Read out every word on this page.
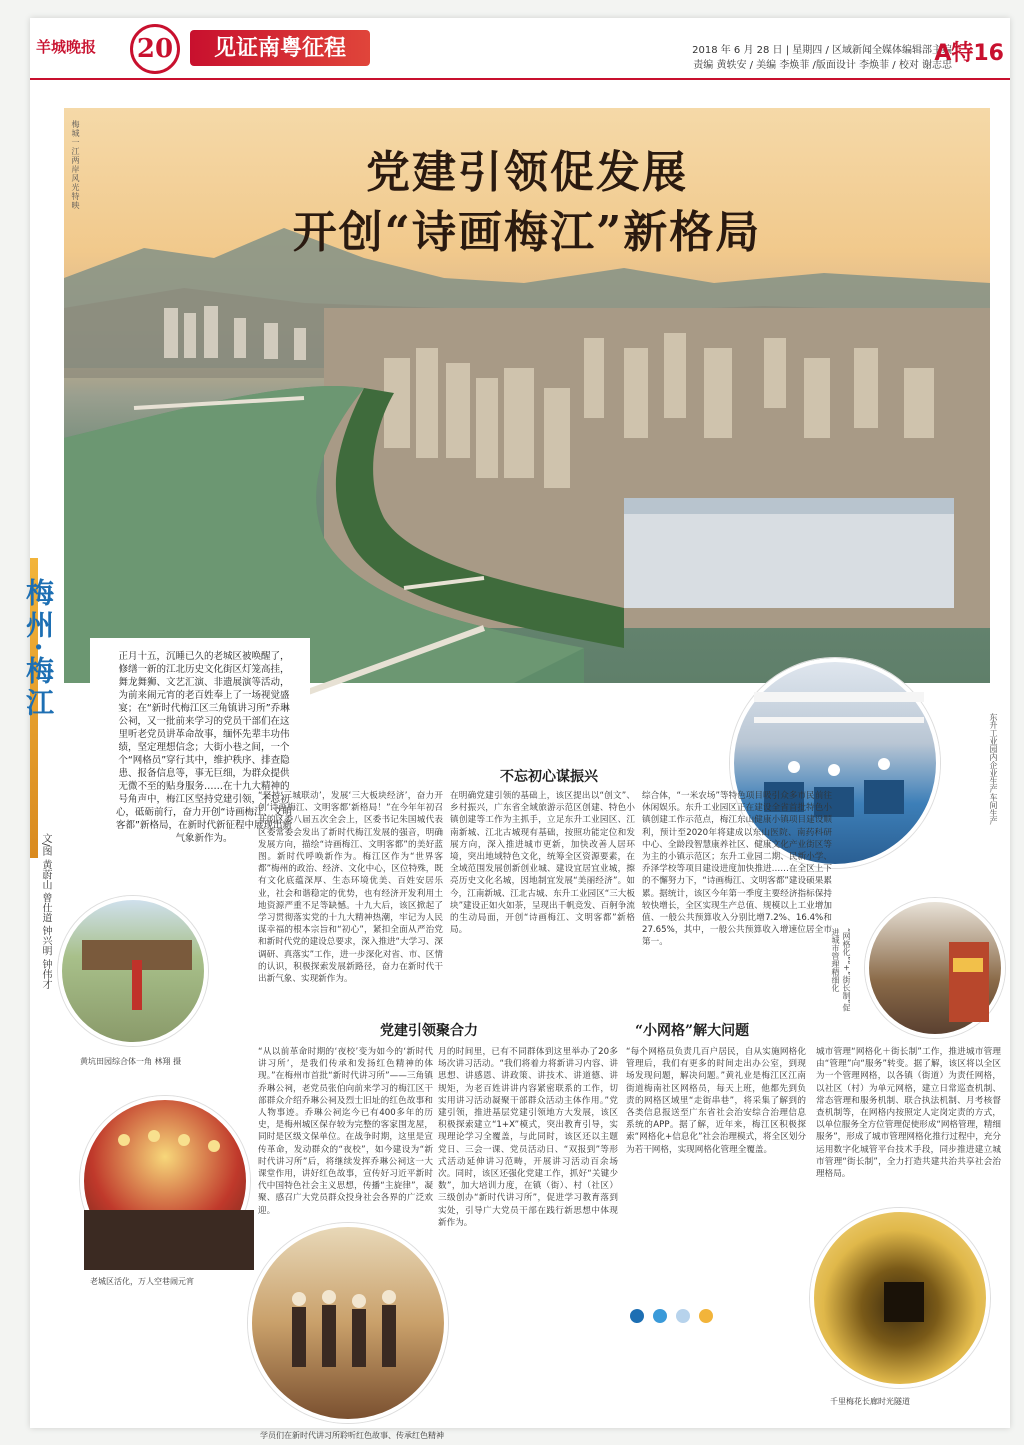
羊城晚报 20	见证南粤征程	2018 年 6 月 28 日 | 星期四 / 区域新闻全媒体编辑部主编
责编 黄轶安 / 美编 李焕菲 /版面设计 李焕菲 / 校对 谢志忠
A特16
党建引领促发展
开创“诗画梅江”新格局
梅城一江两岸风光特映
梅州·梅江
文/图 黄蔚山 曾仕道 钟兴明 钟伟才
正月十五，沉睡已久的老城区被唤醒了，修缮一新的江北历史文化街区灯笼高挂，舞龙舞狮、文艺汇演、非遗展演等活动，为前来闹元宵的老百姓奉上了一场视觉盛宴；在“新时代梅江区三角镇讲习所”乔琳公祠，又一批前来学习的党员干部们在这里听老党员讲革命故事，缅怀先辈丰功伟绩，坚定理想信念；大街小巷之间，一个个“网格员”穿行其中，维护秩序、排查隐患、报备信息等，事无巨细，为群众提供无微不至的贴身服务……在十九大精神的号角声中，梅江区坚持党建引领，不忘初心，砥砺前行，奋力开创“诗画梅江、文明客都”新格局，在新时代新征程中展现出新气象新作为。
东升工业园内企业生产车间生产
不忘初心谋振兴
“坚持‘三城联动’，发展‘三大板块经济’，奋力开创‘诗画梅江、文明客都’新格局！”在今年年初召开的区委八届五次全会上，区委书记朱国城代表区委常委会发出了新时代梅江发展的强音，明确发展方向，描绘“诗画梅江、文明客都”的美好蓝图。新时代呼唤新作为。梅江区作为“世界客都”梅州的政治、经济、文化中心，区位特殊，既有文化底蕴深厚、生态环境优美、百姓安居乐业，社会和谐稳定的优势，也有经济开发利用土地资源严重不足等缺憾。十九大后，该区掀起了学习贯彻落实党的十九大精神热潮，牢记为人民谋幸福的根本宗旨和“初心”，紧扣全面从严治党和新时代党的建设总要求，深入推进“大学习、深调研、真落实”工作，进一步深化对省、市、区情的认识，积极探索发展新路径，奋力在新时代干出新气象、实现新作为。
在明确党建引领的基础上，该区提出以“创文”、乡村振兴，广东省全域旅游示范区创建、特色小镇创建等工作为主抓手，立足东升工业园区、江南新城、江北古城现有基础，按照功能定位和发展方向，深入推进城市更新，加快改善人居环境，突出地域特色文化，统筹全区资源要素，在全域范围发展创新创业城、建设宜居宜业城，擦亮历史文化名城，因地制宜发展“美丽经济”。如今，江南新城、江北古城、东升工业园区“三大板块”建设正如火如荼，呈现出千帆竞发、百舸争流的生动局面，开创“诗画梅江、文明客都”新格局。
综合体，“一米农场”等特色项目吸引众多市民前往休闲娱乐。东升工业园区正在建设全省首批特色小镇创建工作示范点，梅江东山健康小镇项目建设顺利，预计至2020年将建成以东山医院、南药科研中心、全龄段智慧康养社区、健康文化产业街区等为主的小镇示范区；东升工业园二期、民新小学、乔泽学校等项目建设进度加快推进……在全区上下的不懈努力下，“诗画梅江、文明客都”建设硕果累累。据统计，该区今年第一季度主要经济指标保持较快增长，全区实现生产总值、规模以上工业增加值、一般公共预算收入分别比增7.2%、16.4%和27.65%，其中，一般公共预算收入增速位居全市第一。	“网格化”“+”街长制”促进城市管理精细化
黄坑田园综合体一角 林翔 摄
老城区活化，万人空巷闹元宵
学员们在新时代讲习所聆听红色故事、传承红色精神
党建引领聚合力
“从以前革命时期的‘夜校’变为如今的‘新时代讲习所’，是我们传承和发扬红色精神的体现。”在梅州市首批“新时代讲习所”——三角镇乔琳公祠，老党员张伯向前来学习的梅江区干部群众介绍乔琳公祠及烈士旧址的红色故事和人物事迹。乔琳公祠迄今已有400多年的历史，是梅州城区保存较为完整的客家围龙屋，同时是区级文保单位。在战争时期，这里是宣传革命，发动群众的“夜校”，如今建设为“新时代讲习所”后，将继续发挥乔琳公祠这一大课堂作用，讲好红色故事，宣传好习近平新时代中国特色社会主义思想，传播“主旋律”，凝聚、感召广大党员群众投身社会各界的广泛欢迎。
月的时间里，已有不同群体到这里举办了20多场次讲习活动。“我们将着力将新讲习内容、讲思想、讲感恩、讲政策、讲技术、讲道德、讲规矩，为老百姓讲讲内容紧密联系的工作，切实用讲习活动凝聚干部群众活动主体作用。”党建引领，推进基层党建引领地方大发展，该区积极探索建立“1+X”模式，突出教育引导，实现理论学习全覆盖，与此同时，该区还以主题党日、三会一课、党员活动日、“双报到”等形式活动延伸讲习范畴，开展讲习活动百余场次。同时，该区还强化党建工作，抓好“关键少数”，加大培训力度，在镇（街）、村（社区）三级创办“新时代讲习所”，促进学习教育落到实处，引导广大党员干部在践行新思想中体现新作为。
“小网格”解大问题
“每个网格员负责几百户居民，自从实施网格化管理后，我们有更多的时间走出办公室，到现场发现问题，解决问题。”黄礼业是梅江区江南街道梅南社区网格员，每天上班，他都先到负责的网格区域里“走街串巷”，将采集了解到的各类信息报送至广东省社会治安综合治理信息系统的APP。据了解，近年来，梅江区积极探索“网格化+信息化”社会治理模式，将全区划分为若干网格，实现网格化管理全覆盖。
城市管理“网格化＋街长制”工作，推进城市管理由“管理”向“服务”转变。据了解，该区将以全区为一个管理网格，以各镇（街道）为责任网格，以社区（村）为单元网格，建立日常巡查机制、常态管理和服务机制、联合执法机制、月考核督查机制等，在网格内按照定人定岗定责的方式，以单位服务全方位管理促使形成“网格管理，精细服务”，形成了城市管理网格化推行过程中，充分运用数字化城管平台技术手段，同步推进建立城市管理“街长制”，全力打造共建共治共享社会治理格局。
千里梅花长廊时光隧道
